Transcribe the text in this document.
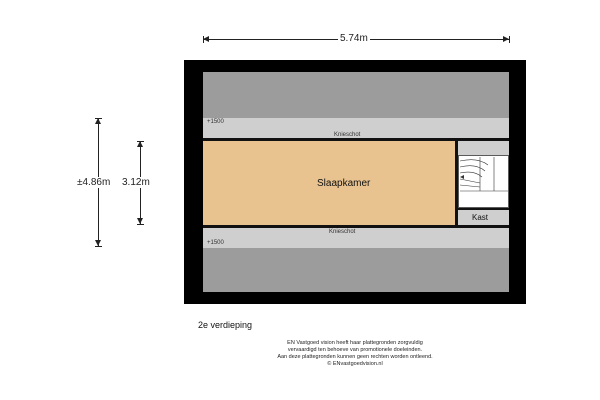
5.74m
±4.86m 3.12m
+1500
Knieschot
Slaapkamer
Kast
Knieschot
+1500
2e verdieping
EN Vastgoed vision heeft haar plattegronden zorgvuldig
vervaardigd ten behoeve van promotionele doeleinden.
Aan deze plattegronden kunnen geen rechten worden ontleend.
© ENvastgoedvision.nl
